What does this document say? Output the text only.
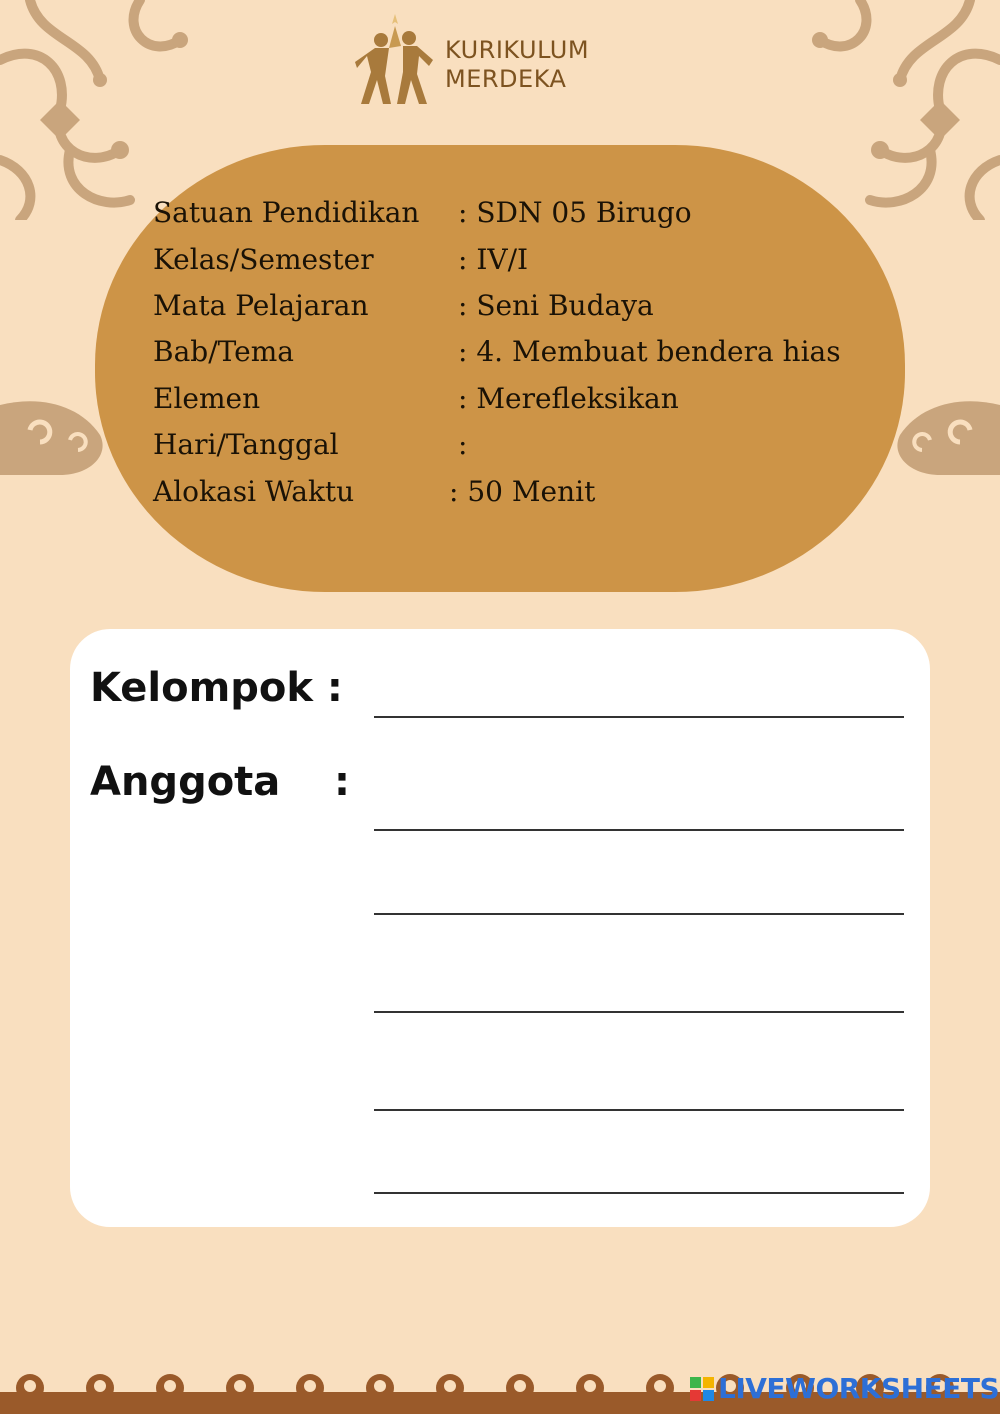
KURIKULUM
MERDEKA
Satuan Pendidikan : SDN 05 Birugo
Kelas/Semester	: IV/I
Mata Pelajaran	: Seni Budaya
Bab/Tema	: 4. Membuat bendera hias
Elemen	: Merefleksikan
Hari/Tanggal	:
Alokasi Waktu	: 50 Menit
Kelompok :
Anggota :
LIVEWORKSHEETS
